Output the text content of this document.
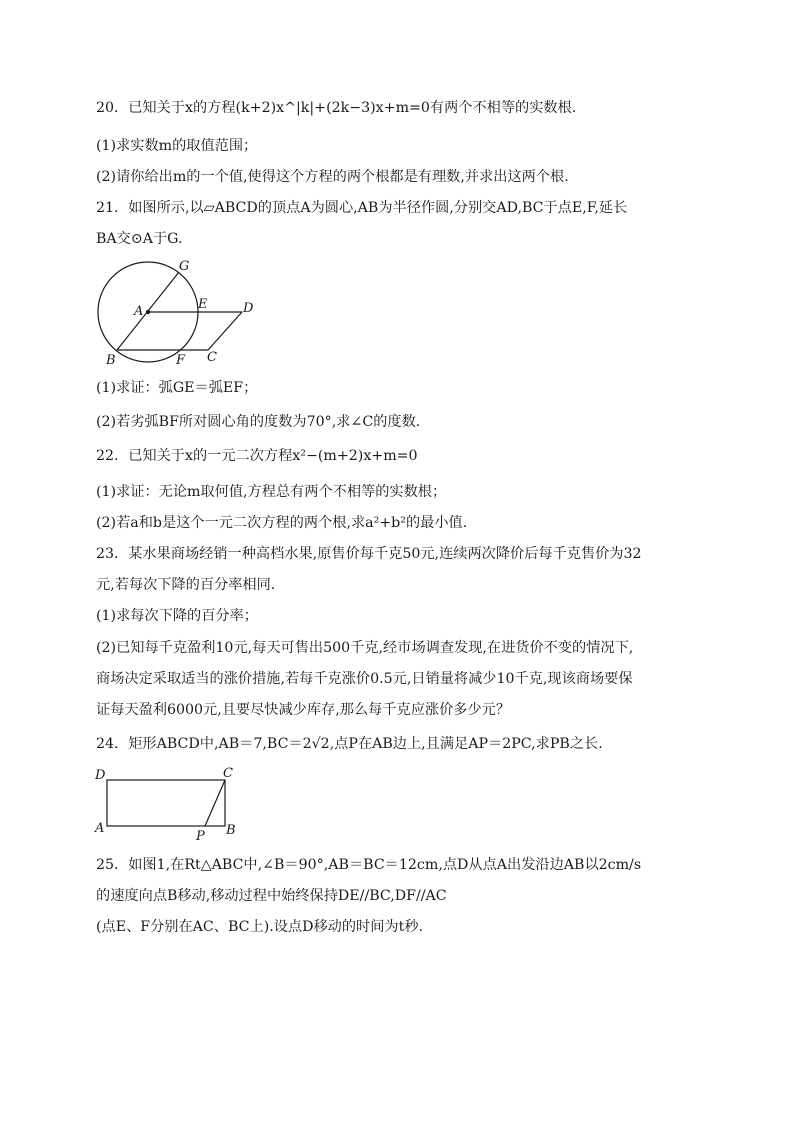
20．已知关于x的方程(k+2)x^|k|+(2k−3)x+m=0有两个不相等的实数根.
(1)求实数m的取值范围；
(2)请你给出m的一个值,使得这个方程的两个根都是有理数,并求出这两个根.
21．如图所示,以▱ABCD的顶点A为圆心,AB为半径作圆,分别交AD,BC于点E,F,延长
BA交⊙A于G.
G
A	E	D
B	F C
(1)求证：弧GE＝弧EF；
(2)若劣弧BF所对圆心角的度数为70°,求∠C的度数.
22．已知关于x的一元二次方程x²−(m+2)x+m=0
(1)求证：无论m取何值,方程总有两个不相等的实数根；
(2)若a和b是这个一元二次方程的两个根,求a²+b²的最小值.
23．某水果商场经销一种高档水果,原售价每千克50元,连续两次降价后每千克售价为32
元,若每次下降的百分率相同.
(1)求每次下降的百分率；
(2)已知每千克盈利10元,每天可售出500千克,经市场调查发现,在进货价不变的情况下,
商场决定采取适当的涨价措施,若每千克涨价0.5元,日销量将减少10千克,现该商场要保
证每天盈利6000元,且要尽快减少库存,那么每千克应涨价多少元？
24．矩形ABCD中,AB＝7,BC＝2√2,点P在AB边上,且满足AP＝2PC,求PB之长.
D	C
A
P B
25．如图1,在Rt△ABC中,∠B＝90°,AB＝BC＝12cm,点D从点A出发沿边AB以2cm/s
的速度向点B移动,移动过程中始终保持DE//BC,DF//AC
(点E、F分别在AC、BC上).设点D移动的时间为t秒.
